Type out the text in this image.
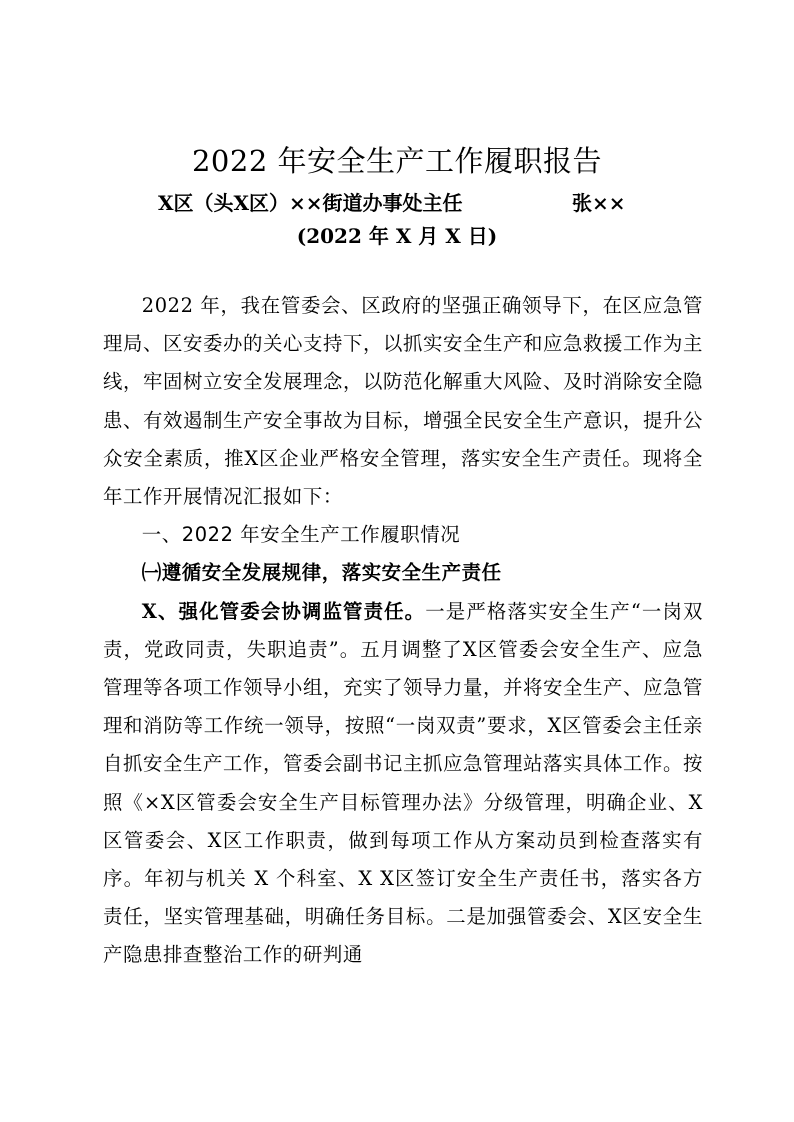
2022 年安全生产工作履职报告
X区（头X区）××街道办事处主任	张××
(2022 年 X 月 X 日)

2022 年，我在管委会、区政府的坚强正确领导下，在区应急管理局、区安委办的关心支持下，以抓实安全生产和应急救援工作为主线，牢固树立安全发展理念，以防范化解重大风险、及时消除安全隐患、有效遏制生产安全事故为目标，增强全民安全生产意识，提升公众安全素质，推X区企业严格安全管理，落实安全生产责任。现将全年工作开展情况汇报如下：

一、2022 年安全生产工作履职情况

㈠遵循安全发展规律，落实安全生产责任

X、强化管委会协调监管责任。一是严格落实安全生产“一岗双责，党政同责，失职追责”。五月调整了X区管委会安全生产、应急管理等各项工作领导小组，充实了领导力量，并将安全生产、应急管理和消防等工作统一领导，按照“一岗双责”要求，X区管委会主任亲自抓安全生产工作，管委会副书记主抓应急管理站落实具体工作。按照《×X区管委会安全生产目标管理办法》分级管理，明确企业、X区管委会、X区工作职责，做到每项工作从方案动员到检查落实有序。年初与机关 X 个科室、X X区签订安全生产责任书，落实各方责任，坚实管理基础，明确任务目标。二是加强管委会、X区安全生产隐患排查整治工作的研判通
